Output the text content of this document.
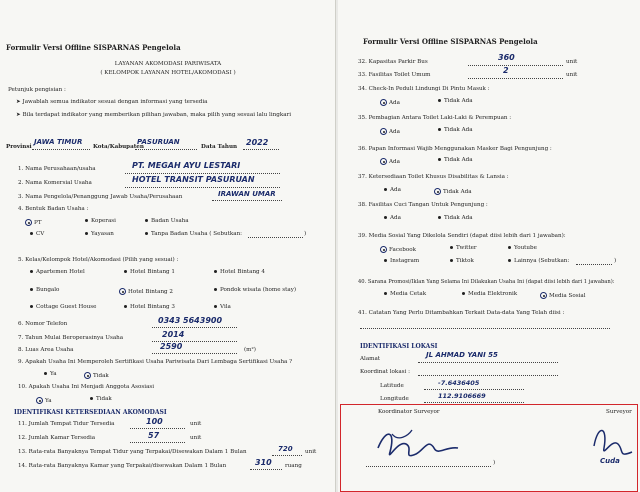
Formulir Versi Offline SISPARNAS Pengelola
LAYANAN AKOMODASI PARIWISATA
( KELOMPOK LAYANAN HOTEL/AKOMODASI )
Petunjuk pengisian :
➤ Jawablah semua indikator sesuai dengan informasi yang tersedia
➤ Bila terdapat indikator yang memberikan pilihan jawaban, maka pilih yang sesuai lalu lingkari
Provinsi
JAWA TIMUR
Kota/Kabupaten
PASURUAN
Data Tahun 2022
1. Nama Perusahaan/usaha	PT. MEGAH AYU LESTARI
2. Nama Komersial Usaha	HOTEL TRANSIT PASURUAN
3. Nama Pengelola/Penanggung Jawab Usaha/Perusahaan	IRAWAN UMAR
4. Bentuk Badan Usaha :
PT	Koperasi	Badan Usaha
CV	Yayasan	Tanpa Badan Usaha ( Sebutkan:	)
5. Kelas/Kelompok Hotel/Akomodasi (Pilih yang sesuai) :
Apartemen Hotel	Hotel Bintang 1	Hotel Bintang 4
Bungalo	Hotel Bintang 2	Pondok wisata (home stay)
Cottage Guest House	Hotel Bintang 3	Vila
6. Nomor Telefon	0343 5643900
7. Tahun Mulai Beroperasinya Usaha	2014
8. Luas Area Usaha	2590	(m²)
9. Apakah Usaha Ini Memperoleh Sertifikasi Usaha Pariwisata Dari Lembaga Sertifikasi Usaha ?
Ya	Tidak
10. Apakah Usaha Ini Menjadi Anggota Asosiasi
Ya	Tidak
IDENTIFIKASI KETERSEDIAAN AKOMODASI
11. Jumlah Tempat Tidur Tersedia	100	unit
12. Jumlah Kamar Tersedia	57	unit
13. Rata-rata Banyaknya Tempat Tidur yang Terpakai/Disewakan Dalam 1 Bulan	720 unit
14. Rata-rata Banyaknya Kamar yang Terpakai/disewakan Dalam 1 Bulan	310 ruang
Formulir Versi Offline SISPARNAS Pengelola
32. Kapasitas Parkir Bus	360	unit
33. Fasilitas Toilet Umum	2	unit
34. Check-In Peduli Lindungi Di Pintu Masuk :
Ada	Tidak Ada
35. Pembagian Antara Toilet Laki-Laki & Perempuan :
Ada	Tidak Ada
36. Papan Informasi Wajib Menggunakan Masker Bagi Pengunjung :
Ada	Tidak Ada
37. Ketersediaan Toilet Khusus Disabilitas & Lansia :
Ada	Tidak Ada
38. Fasilitas Cuci Tangan Untuk Pengunjung :
Ada	Tidak Ada
39. Media Sosial Yang Dikelola Sendiri (dapat diisi lebih dari 1 jawaban):
Facebook	Twitter	Youtube
Instagram	Tiktok	Lainnya (Sebutkan:	)
40. Sarana Promosi/Iklan Yang Selama Ini Dilakukan Usaha Ini (dapat diisi lebih dari 1 jawaban):
Media Cetak	Media Elektronik	Media Sosial
41. Catatan Yang Perlu Ditambahkan Terkait Data-data Yang Telah diisi :
IDENTIFIKASI LOKASI
Alamat	JL AHMAD YANI 55
Koordinat lokasi :
Latitude	-7.6436405
Longitude	112.9106669
Koordinator Surveyor	Surveyor
)	Cuda
